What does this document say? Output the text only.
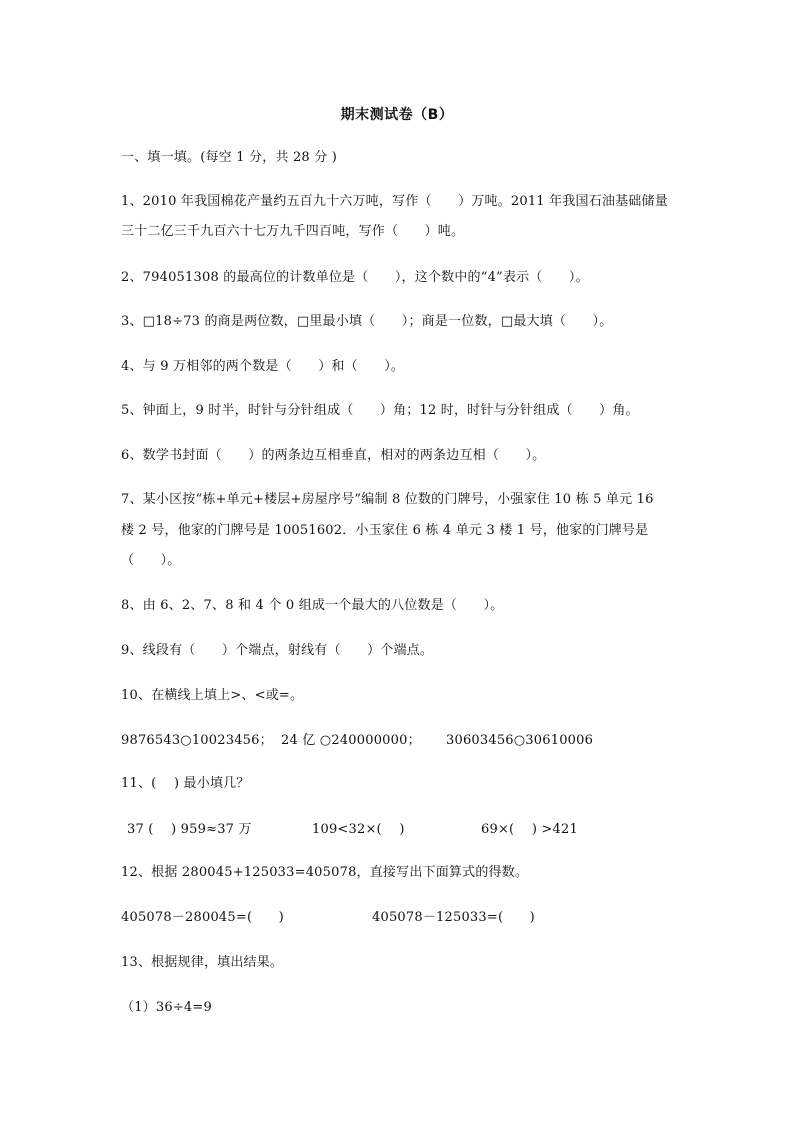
期末测试卷（B）
一、填一填。(每空 1 分，共 28 分 )
1、2010 年我国棉花产量约五百九十六万吨，写作（　　）万吨。2011 年我国石油基础储量
三十二亿三千九百六十七万九千四百吨，写作（　　）吨。
2、794051308 的最高位的计数单位是（　　），这个数中的“4”表示（　　）。
3、□18÷73 的商是两位数，□里最小填（　　）；商是一位数，□最大填（　　）。
4、与 9 万相邻的两个数是（　　）和（　　）。
5、钟面上，9 时半，时针与分针组成（　　）角；12 时，时针与分针组成（　　）角。
6、数学书封面（　　）的两条边互相垂直，相对的两条边互相（　　）。
7、某小区按“栋+单元+楼层+房屋序号”编制 8 位数的门牌号，小强家住 10 栋 5 单元 16
楼 2 号，他家的门牌号是 10051602．小玉家住 6 栋 4 单元 3 楼 1 号，他家的门牌号是
（　　）。
8、由 6、2、7、8 和 4 个 0 组成一个最大的八位数是（　　）。
9、线段有（　　）个端点，射线有（　　）个端点。
10、在横线上填上>、<或=。
9876543○10023456； 24 亿 ○240000000； 30603456○30610006
11、(　 ) 最小填几？
37 (　 ) 959≈37 万	109<32×(　 )	69×(　 ) >421
12、根据 280045+125033=405078，直接写出下面算式的得数。
405078－280045=(　　)	405078－125033=(　　)
13、根据规律，填出结果。
（1）36÷4=9
